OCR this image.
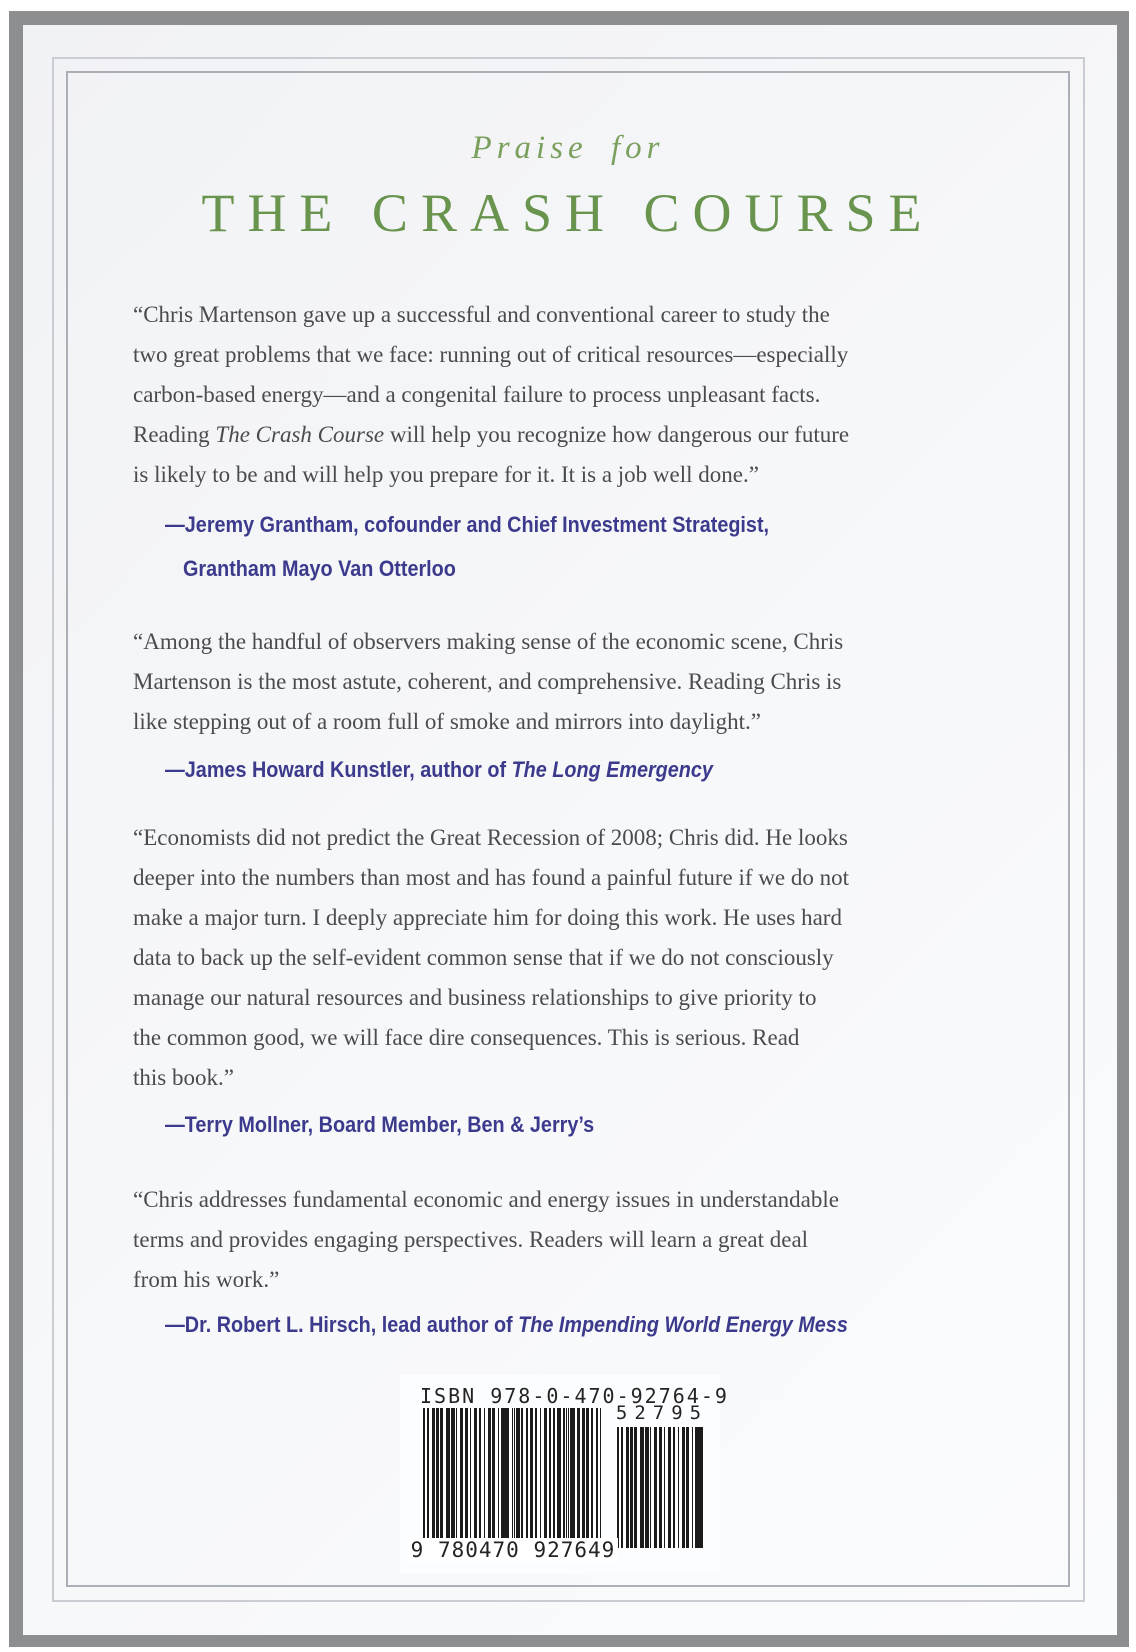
Praise for
THE CRASH COURSE
“Chris Martenson gave up a successful and conventional career to study the
two great problems that we face: running out of critical resources—especially
carbon-based energy—and a congenital failure to process unpleasant facts.
Reading The Crash Course will help you recognize how dangerous our future
is likely to be and will help you prepare for it. It is a job well done.”
—Jeremy Grantham, cofounder and Chief Investment Strategist,
Grantham Mayo Van Otterloo
“Among the handful of observers making sense of the economic scene, Chris
Martenson is the most astute, coherent, and comprehensive. Reading Chris is
like stepping out of a room full of smoke and mirrors into daylight.”
—James Howard Kunstler, author of The Long Emergency
“Economists did not predict the Great Recession of 2008; Chris did. He looks
deeper into the numbers than most and has found a painful future if we do not
make a major turn. I deeply appreciate him for doing this work. He uses hard
data to back up the self-evident common sense that if we do not consciously
manage our natural resources and business relationships to give priority to
the common good, we will face dire consequences. This is serious. Read
this book.”
—Terry Mollner, Board Member, Ben & Jerry’s
“Chris addresses fundamental economic and energy issues in understandable
terms and provides engaging perspectives. Readers will learn a great deal
from his work.”
—Dr. Robert L. Hirsch, lead author of The Impending World Energy Mess
ISBN 978-0-470-92764-9
52795
9 780470 927649
